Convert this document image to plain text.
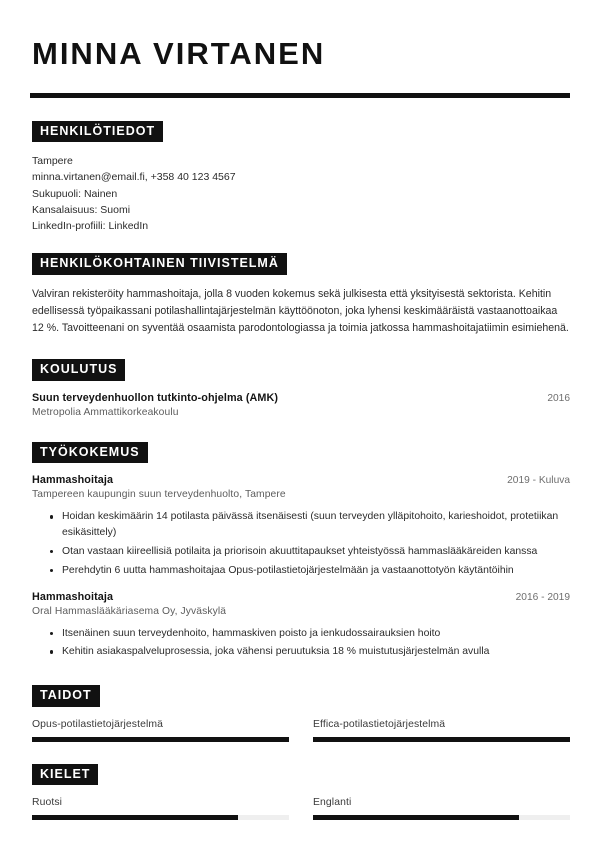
MINNA VIRTANEN
HENKILÖTIEDOT
Tampere
minna.virtanen@email.fi, +358 40 123 4567
Sukupuoli: Nainen
Kansalaisuus: Suomi
LinkedIn-profiili: LinkedIn
HENKILÖKOHTAINEN TIIVISTELMÄ

Valviran rekisteröity hammashoitaja, jolla 8 vuoden kokemus sekä julkisesta että yksityisestä sektorista. Kehitin edellisessä työpaikassani potilashallintajärjestelmän käyttöönoton, joka lyhensi keskimääräistä vastaanottoaikaa 12 %. Tavoitteenani on syventää osaamista parodontologiassa ja toimia jatkossa hammashoitajatiimin esimiehenä.

KOULUTUS
Suun terveydenhuollon tutkinto-ohjelma (AMK)	2016
Metropolia Ammattikorkeakoulu
TYÖKOKEMUS
Hammashoitaja	2019 - Kuluva
Tampereen kaupungin suun terveydenhuolto, Tampere
Hoidan keskimäärin 14 potilasta päivässä itsenäisesti (suun terveyden ylläpitohoito, karieshoidot, protetiikan esikäsittely)
Otan vastaan kiireellisiä potilaita ja priorisoin akuuttitapaukset yhteistyössä hammaslääkäreiden kanssa
Perehdytin 6 uutta hammashoitajaa Opus-potilastietojärjestelmään ja vastaanottotyön käytäntöihin
Hammashoitaja	2016 - 2019
Oral Hammaslääkäriasema Oy, Jyväskylä
Itsenäinen suun terveydenhoito, hammaskiven poisto ja ienkudossairauksien hoito
Kehitin asiakaspalveluprosessia, joka vähensi peruutuksia 18 % muistutusjärjestelmän avulla
TAIDOT
Opus-potilastietojärjestelmä	Effica-potilastietojärjestelmä
KIELET
Ruotsi	Englanti
